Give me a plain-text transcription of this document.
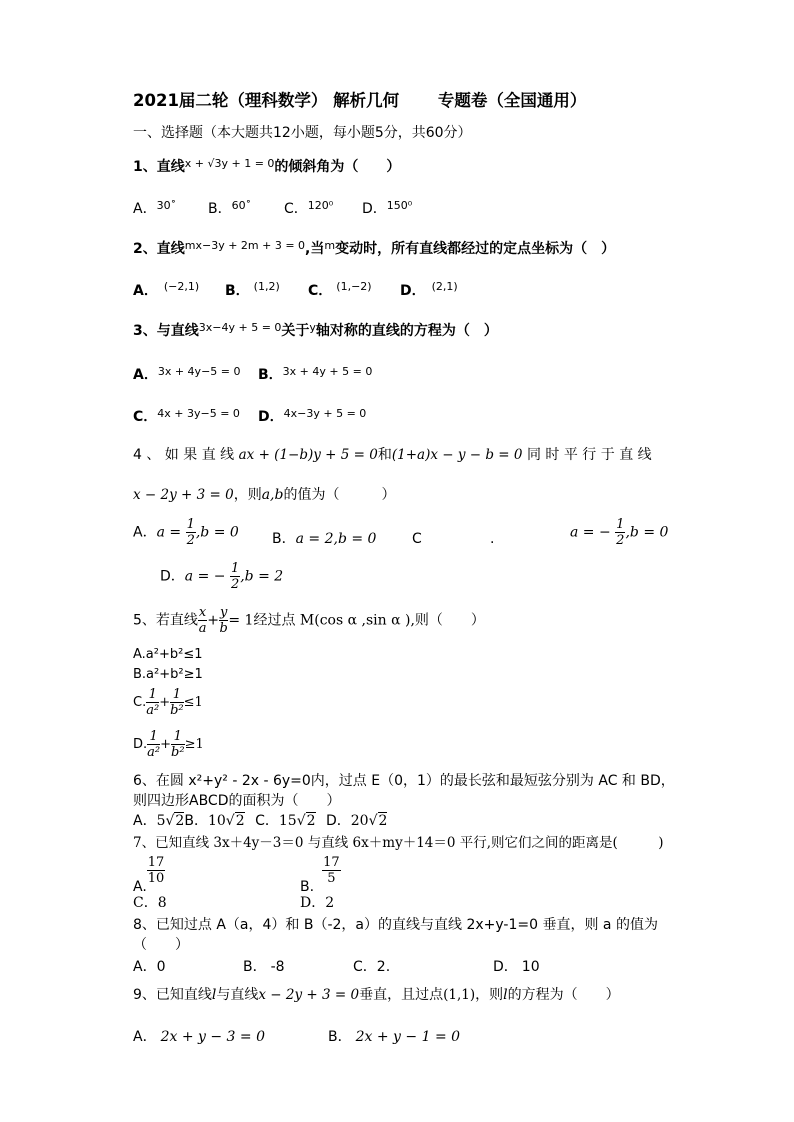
2021届二轮（理科数学） 解析几何　　 专题卷（全国通用）
一、选择题（本大题共12小题，每小题5分，共60分）
1、直线$^{x + √3y + 1 = 0}$的倾斜角为（　　）
A．$^{30˚}$ B．$^{60˚}$ C．$^{120^0}$ D．$^{150^0}$
2、直线$^{mx-3y + 2m + 3 = 0}$,当$^m$变动时，所有直线都经过的定点坐标为（　）
A． $^{(-2,1)}$ B． $^{(1,2)}$ C． $^{(1,-2)}$ D． $^{(2,1)}$
3、与直线$^{3x-4y + 5 = 0}$关于$^y$轴对称的直线的方程为（　）
A．$^{3x + 4y-5 = 0}$ B．$^{3x + 4y + 5 = 0}$
C．$^{4x + 3y-5 = 0}$ D．$^{4x-3y + 5 = 0}$
4 、 如 果 直 线 ax + (1−b)y + 5 = 0和(1+a)x − y − b = 0 同 时 平 行 于 直 线
x − 2y + 3 = 0，则a,b的值为（　　　）
A．$a = \frac{1}{2} ,b = 0$ B．a = 2,b = 0	C	.	a = − $\frac{1}{2} ,b = 0$
D．a = − $\frac{1}{2} ,b = 2$
5、若直线 $\frac{x}{a} + \frac{y}{b} = 1$经过点 M(cos α ,sin α ),则（　　）
A.a²+b²≤1
B.a²+b²≥1
C. $\frac{1}{\text{a²}} + \frac{1}{\text{b²}} \le 1$
D. $\frac{1}{\text{a²}} + \frac{1}{\text{b²}} \ge 1$
6、在圆 x²+y² - 2x - 6y=0内，过点 E（0，1）的最长弦和最短弦分别为 AC 和 BD，
则四边形ABCD的面积为（　　）
A．5√2B．10√2 C．15√2 D．20√2
7、已知直线 3x＋4y－3＝0 与直线 6x＋my＋14＝0 平行,则它们之间的距离是(　　　)
A.
$\frac{17}{10}$
B.
$\frac{17}{5}$
C．8	D．2
8、已知过点 A（a，4）和 B（-2，a）的直线与直线 2x+y-1=0 垂直，则 a 的值为
（　　）
A．0	B． -8	C．2.	D． 10
9、已知直线l与直线x − 2y + 3 = 0垂直，且过点(1,1)，则l的方程为（　　）
A． 2x + y − 3 = 0	B． 2x + y − 1 = 0
